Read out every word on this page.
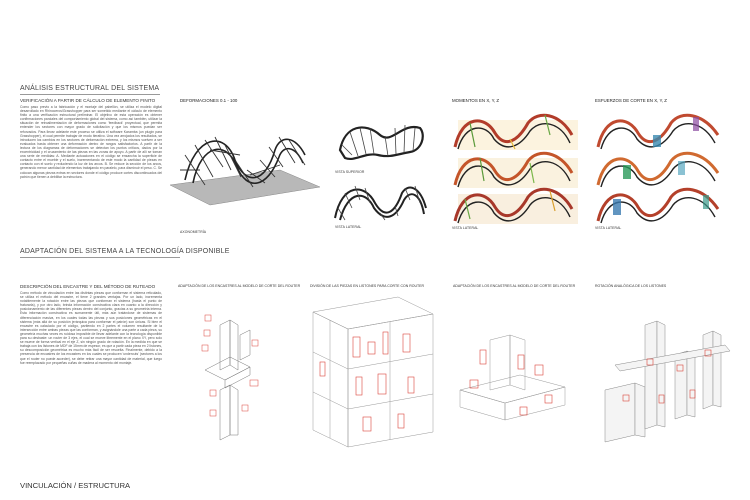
ANÁLISIS ESTRUCTURAL DEL SISTEMA
VERIFICACIÓN A PARTIR DE CÁLCULO DE ELEMENTO FINITO
Como paso previo a la fabricación y el montaje del pabellón, se utiliza el modelo digital desarrollado en Rhinoceros/Grasshopper para ser sometido mediante el cálculo de elemento finito a una verificación estructural preliminar. El objetivo de esta operación es obtener confirmaciones parciales del comportamiento global del sistema, como así también, utilizar la situación de retroalimentación de deformaciones como 'feedback' proyectual, que permita entender los sectores con mayor grado de solicitación y que los mismos puedan ser reforzados. Para llevar adelante este proceso se utiliza el software Karamba (un plugin para Grasshopper), el cual permite trabajar de modo iterativo. Una vez arrojados los resultados, se introducen los cambios en los sectores de deformación extrema, y los mismos vuelven a ser evaluados hasta obtener una deformación dentro de rangos satisfactorios. A partir de la lectura de los diagramas de deformaciones se detectan los puntos críticos, dados por la excentricidad y el cruzamiento de las piezas en las zonas de apoyo. A partir de allí se toman una serie de medidas: A. Mediante actuaciones en el código se ensancha la superficie de contacto entre el mueble y el suelo, incrementando de este modo la cantidad de piezas en contacto con el suelo y reduciendo la luz de los arcos. B. Se reduce la sección de los arcos, generando menor cantidad de elementos trabajando en paralelo, para disminuir el peso. C. Se colocan algunas piezas extras en sectores donde el código produce cortes discontinuados del patrón que tienen a debilitar la estructura.
DEFORMACIONES 0.1 - 100
AXONOMETRÍA
VISTA SUPERIOR
VISTA LATERAL
MOMENTOS EN X, Y, Z
VISTA LATERAL
ESFUERZOS DE CORTE EN X, Y, Z
VISTA LATERAL
ADAPTACIÓN DEL SISTEMA A LA TECNOLOGÍA DISPONIBLE
DESCRIPCIÓN DEL ENCASTRE Y DEL MÉTODO DE RUTEADO
Como método de vinculación entre las distintas piezas que conforman el sistema reticulado, se utiliza el método del encastre, el tiene 2 grandes ventajas. Por un lado, incrementa notablemente la rotación entre las piezas que conforman el sistema (hasta el punto de fraturarla), y por otro lado, brinda información constructiva clara en cuanto a la dirección y posicionamiento de las diferentes piezas dentro del conjunto, gracias a su geometría interna. Esta información constructiva es sumamente útil, más aún tratándose de sistemas de diferenciación masiva, en los cuales todas las piezas y sus posiciones geométricas en el sistema (más allá de su posición jerárquica para conformar el patrón) son únicas. Si bien el encastre es calculado por el código, partiendo en 2 partes el volumen resultante de la intersección entre ambas piezas que las conforman, y asignándole una parte a cada pieza, su geometría muchas veces es ruidosa imposible de llevar adelante con la tecnología disponible para su desbaste: un router de 3 ejes, el cual se mueve libremente en el plano XY, pero solo se mueve de forma vertical en el eje Z, sin ningún grado de rotación. En la medida en que se trabaja con los listones de MDF de 15mm de espesor, es que a partir cada pieza en 2 listones, su descomposición geométrica es mucho más fácil de ser resuelta. Finalmente, debido a la presencia de encastres de los encastres en los cuales se producen 'undercuts' (sectores a los que el router no puede acceder), se debe retirar una mayor cantidad de material, que luego fue reemplazado por pequeñas cuñas de madera al momento del montaje.
ADAPTACIÓN DE LOS ENCASTRES AL MODELO DE CORTE DEL ROUTER	DIVISIÓN DE LAS PIEZAS EN LISTONES PARA CORTE CON ROUTER	ADAPTACIÓN DE LOS ENCASTRES AL MODELO DE CORTE DEL ROUTER	ROTACIÓN ANALÓGICA DE LOS LISTONES
VINCULACIÓN / ESTRUCTURA
